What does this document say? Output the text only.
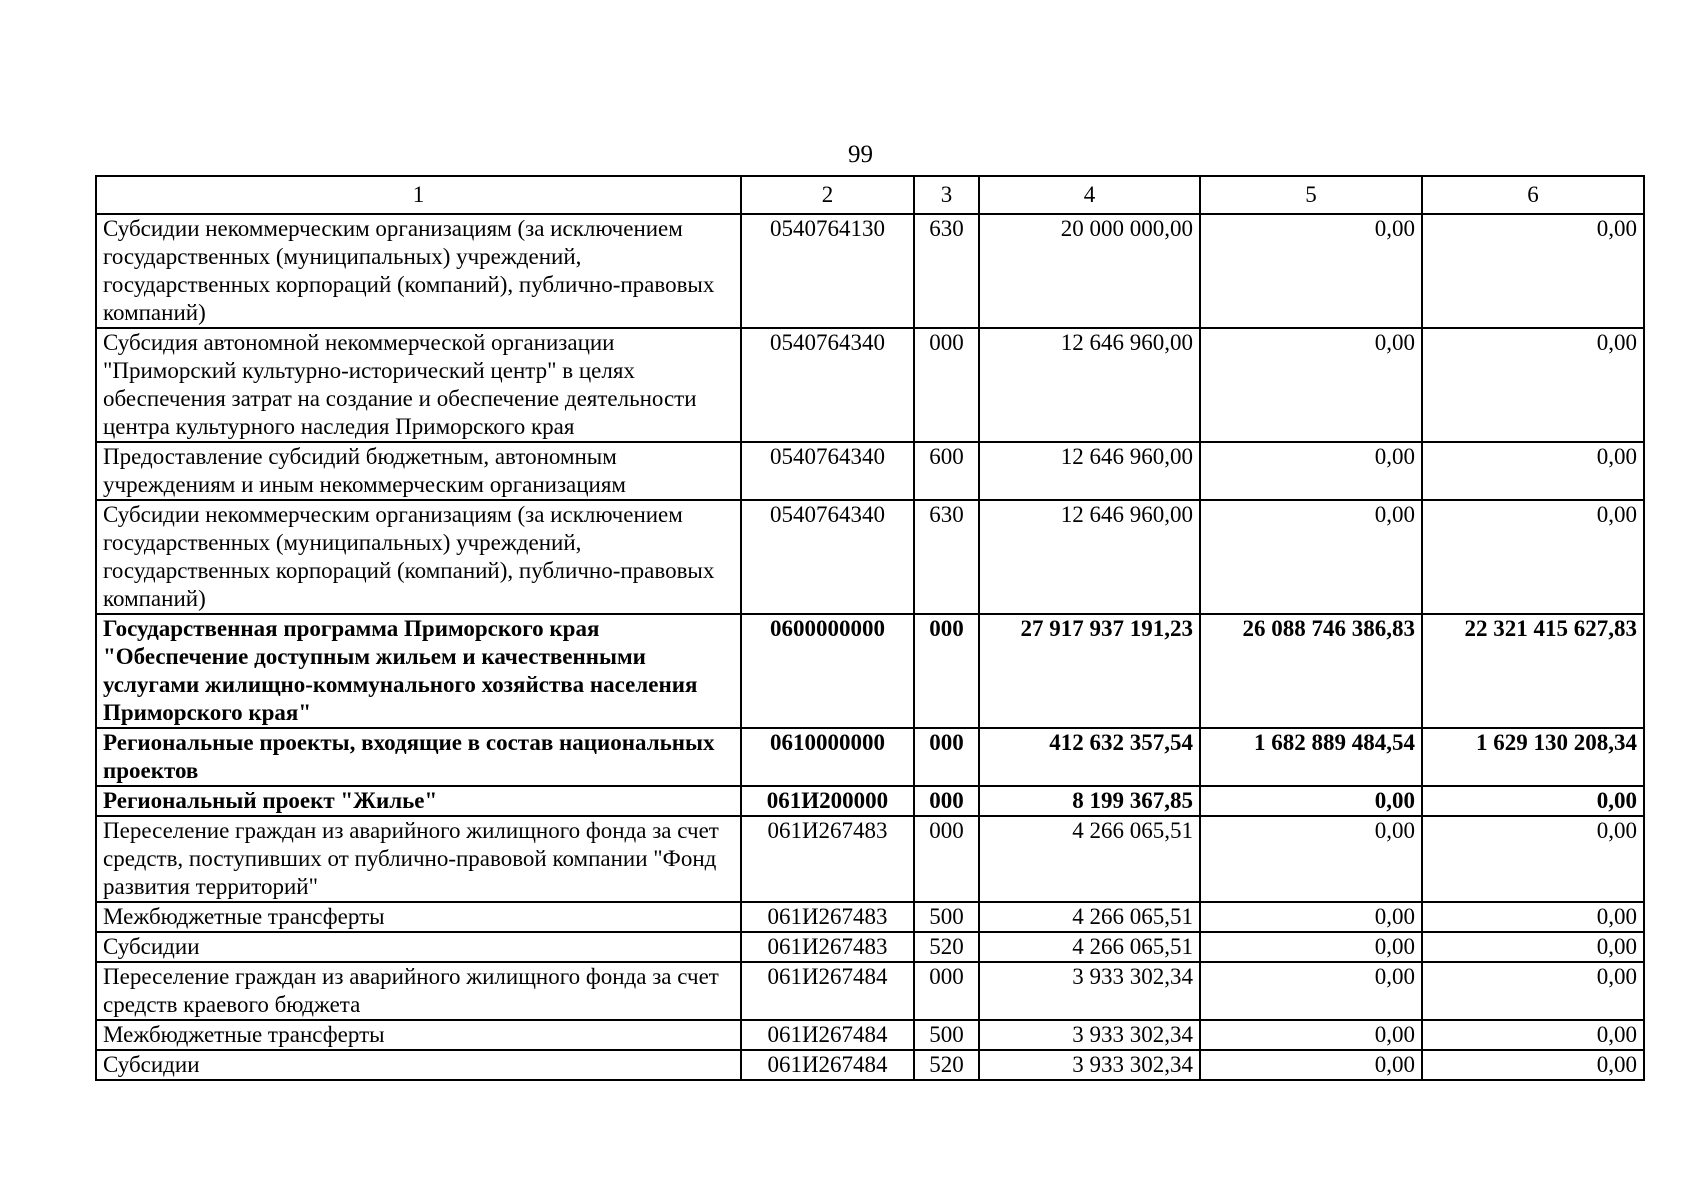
99
1	2	3	4	5	6
Субсидии некоммерческим организациям (за исключением государственных (муниципальных) учреждений, государственных корпораций (компаний), публично-правовых компаний)	0540764130	630	20 000 000,00	0,00	0,00
Субсидия автономной некоммерческой организации "Приморский культурно-исторический центр" в целях обеспечения затрат на создание и обеспечение деятельности центра культурного наследия Приморского края	0540764340	000	12 646 960,00	0,00	0,00
Предоставление субсидий бюджетным, автономным учреждениям и иным некоммерческим организациям	0540764340	600	12 646 960,00	0,00	0,00
Субсидии некоммерческим организациям (за исключением государственных (муниципальных) учреждений, государственных корпораций (компаний), публично-правовых компаний)	0540764340	630	12 646 960,00	0,00	0,00
Государственная программа Приморского края "Обеспечение доступным жильем и качественными услугами жилищно-коммунального хозяйства населения Приморского края"	0600000000	000	27 917 937 191,23	26 088 746 386,83	22 321 415 627,83
Региональные проекты, входящие в состав национальных проектов	0610000000	000	412 632 357,54	1 682 889 484,54	1 629 130 208,34
Региональный проект "Жилье"	061И200000	000	8 199 367,85	0,00	0,00
Переселение граждан из аварийного жилищного фонда за счет средств, поступивших от публично-правовой компании "Фонд развития территорий"	061И267483	000	4 266 065,51	0,00	0,00
Межбюджетные трансферты	061И267483	500	4 266 065,51	0,00	0,00
Субсидии	061И267483	520	4 266 065,51	0,00	0,00
Переселение граждан из аварийного жилищного фонда за счет средств краевого бюджета	061И267484	000	3 933 302,34	0,00	0,00
Межбюджетные трансферты	061И267484	500	3 933 302,34	0,00	0,00
Субсидии	061И267484	520	3 933 302,34	0,00	0,00
